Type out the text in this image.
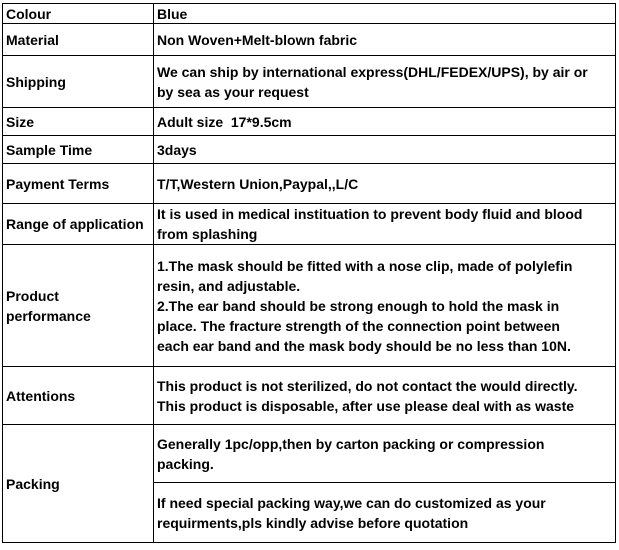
Colour	Blue
Material	Non Woven+Melt-blown fabric
Shipping	We can ship by international express(DHL/FEDEX/UPS), by air or
by sea as your request

Size	Adult size  17*9.5cm
Sample Time	3days
Payment Terms	T/T,Western Union,Paypal,,L/C
Range of application	It is used in medical instituation to prevent body fluid and blood
from splashing

Product
performance	1.The mask should be fitted with a nose clip, made of polylefin
resin, and adjustable.
2.The ear band should be strong enough to hold the mask in
place. The fracture strength of the connection point between
each ear band and the mask body should be no less than 10N.

Attentions	This product is not sterilized, do not contact the would directly.
This product is disposable, after use please deal with as waste

Packing	Generally 1pc/opp,then by carton packing or compression
packing.

	If need special packing way,we can do customized as your
requirments,pls kindly advise before quotation
